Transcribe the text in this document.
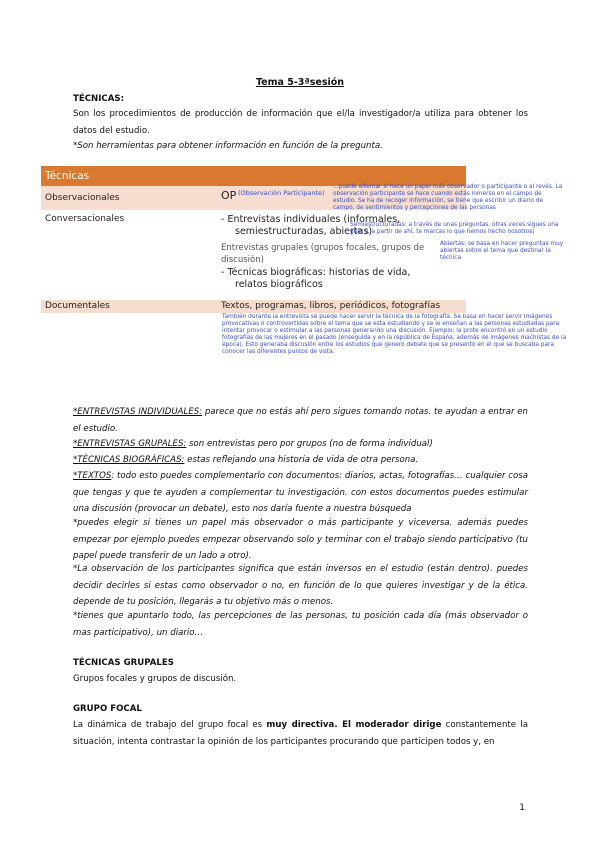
Tema 5-3ªsesión
TÉCNICAS:
Son los procedimientos de producción de información que el/la investigador/a utiliza para obtener los datos del estudio.
*Son herramientas para obtener información en función de la pregunta.
Técnicas
Observacionales	OP (Observación Participante)
Conversacionales	- Entrevistas individuales (informales,
semiestructuradas, abiertas)
Entrevistas grupales (grupos focales, grupos de
discusión)
- Técnicas biográficas: historias de vida,
relatos biográficos
Documentales	Textos, programas, libros, periódicos, fotografías
...puede alternar si hace un papel más observador o participante o al revés. La observación participante se hace cuando estás inmerso en el campo de estudio. Se ha de recoger información, se tiene que escribir un diario de campo, de sentimientos y percepciones de las personas
Semiestructuradas: a través de unas preguntas, otras veces sigues una guía y, a partir de ahí, te marcas lo que hemos hecho nosotros)
Abiertas: se basa en hacer preguntas muy abiertas sobre el tema que destinar la técnica
También durante la entrevista se puede hacer servir la técnica de la fotografía. Se basa en hacer servir imágenes provocativas o controvertidas sobre el tema que se esta estudiando y se le enseñan a las personas estudiadas para intentar provocar o estimular a las personas generando una discusión. Ejemplo: la prote encontró en un estudio fotografías de las mujeres en el pasado (enseguida y en la república de España, además de imágenes machistas de la época). Esto generaba discusión entre los estudios que generó debate que se presentó en el que se buscaba para conocer las diferentes puntos de vista.
*ENTREVISTAS INDIVIDUALES: parece que no estás ahí pero sigues tomando notas. te ayudan a entrar en el estudio.
*ENTREVISTAS GRUPALES: son entrevistas pero por grupos (no de forma individual)
*TÉCNICAS BIOGRÁFICAS: estas reflejando una historia de vida de otra persona.
*TEXTOS: todo esto puedes complementarlo con documentos: diarios, actas, fotografías… cualquier cosa que tengas y que te ayuden a complementar tu investigación. con estos documentos puedes estimular una discusión (provocar un debate), esto nos daría fuente a nuestra búsqueda
*puedes elegir si tienes un papel más observador o más participante y viceversa. además puedes empezar por ejemplo puedes empezar observando solo y terminar con el trabajo siendo participativo (tu papel puede transferir de un lado a otro).
*La observación de los participantes significa que están inversos en el estudio (están dentro). puedes decidir decirles si estas como observador o no, en función de lo que quieres investigar y de la ética. depende de tu posición, llegarás a tu objetivo más o menos.
*tienes que apuntarlo todo, las percepciones de las personas, tu posición cada día (más observador o mas participativo), un diario…
TÉCNICAS GRUPALES
Grupos focales y grupos de discusión.
GRUPO FOCAL
La dinámica de trabajo del grupo focal es muy directiva. El moderador dirige constantemente la situación, intenta contrastar la opinión de los participantes procurando que participen todos y, en
1
